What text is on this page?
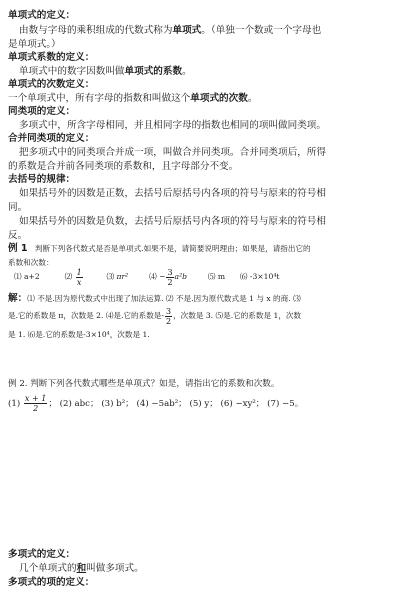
单项式的定义：
由数与字母的乘积组成的代数式称为单项式。（单独一个数或一个字母也
是单项式。）
单项式系数的定义：
单项式中的数字因数叫做单项式的系数。
单项式的次数定义：
一个单项式中，所有字母的指数和叫做这个单项式的次数。
同类项的定义：
多项式中，所含字母相同，并且相同字母的指数也相同的项叫做同类项。
合并同类项的定义：
把多项式中的同类项合并成一项，叫做合并同类项。合并同类项后，所得
的系数是合并前各同类项的系数和，且字母部分不变。
去括号的规律：
如果括号外的因数是正数，去括号后原括号内各项的符号与原来的符号相
同。
如果括号外的因数是负数，去括号后原括号内各项的符号与原来的符号相
反。
例 1 判断下列各代数式是否是单项式.如果不是，请简要说明理由；如果是，请指出它的
系数和次数：
⑴ a+2	⑵ $\frac{1}{x}$	⑶ πr²	⑷ − $\frac{3}{2} a^2b$	⑸ m ⑹ -3×10⁴t
解：⑴ 不是.因为原代数式中出现了加法运算. ⑵ 不是.因为原代数式是 1 与 x 的商. ⑶
是.它的系数是 π，次数是 2. ⑷是.它的系数是- $\frac{3}{2}$ ，次数是 3. ⑸是.它的系数是 1，次数
是 1. ⑹是.它的系数是-3×10⁴，次数是 1.
例 2. 判断下列各代数式哪些是单项式？如是，请指出它的系数和次数。
$(1) \frac{x + 1}{2}$ ； (2) abc； (3) b²； (4) −5ab²； (5) y； (6) −xy²； (7) −5。
多项式的定义：
几个单项式的和叫做多项式。
多项式的项的定义：
